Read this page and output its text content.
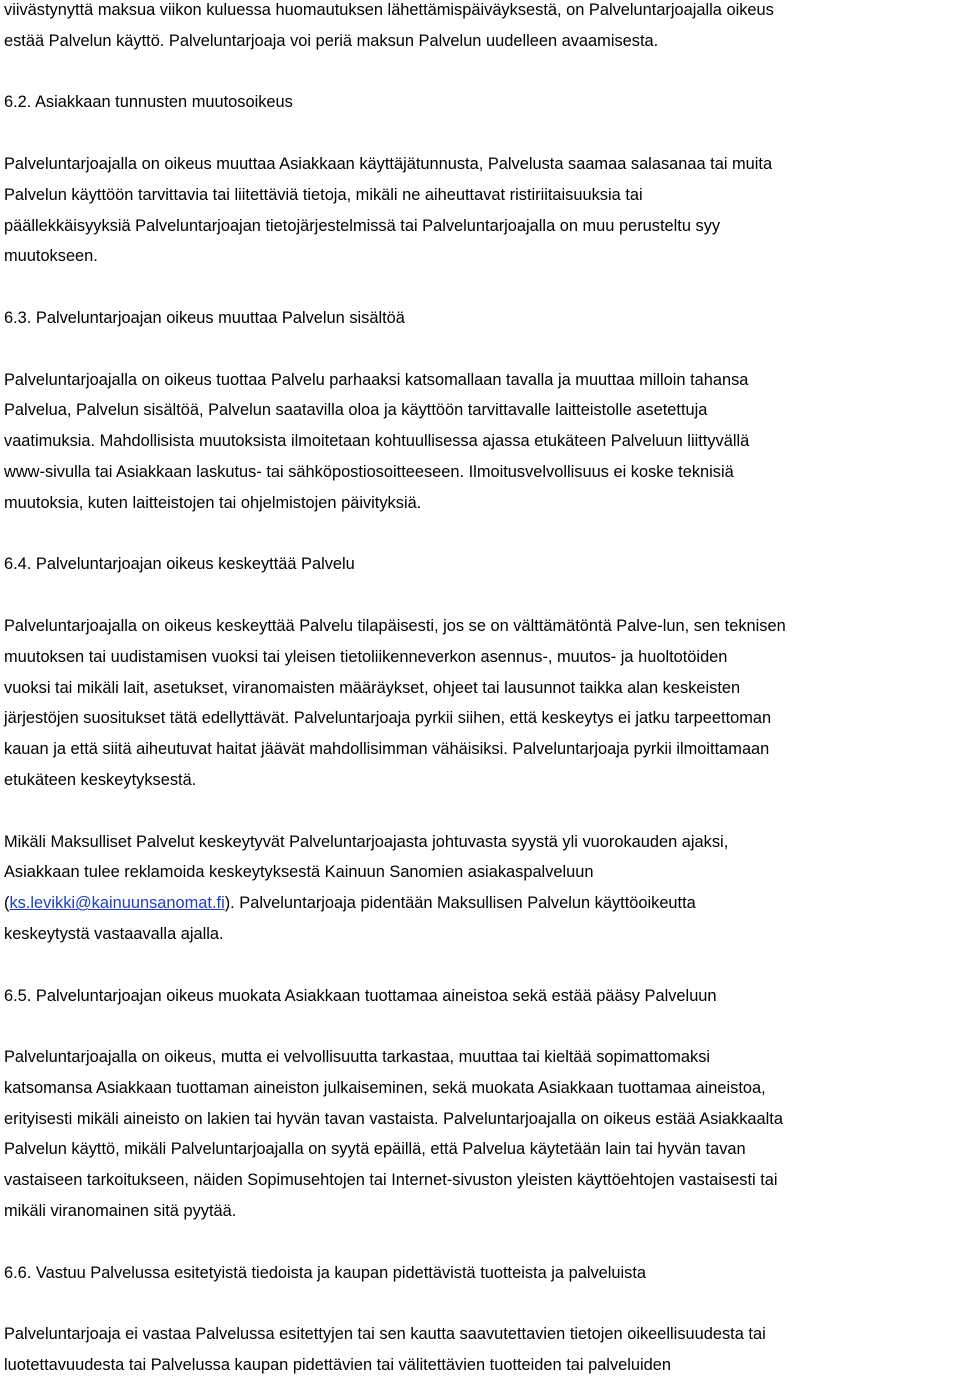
viivästynyttä maksua viikon kuluessa huomautuksen lähettämispäiväyksestä, on Palveluntarjoajalla oikeus
estää Palvelun käyttö. Palveluntarjoaja voi periä maksun Palvelun uudelleen avaamisesta.
6.2. Asiakkaan tunnusten muutosoikeus
Palveluntarjoajalla on oikeus muuttaa Asiakkaan käyttäjätunnusta, Palvelusta saamaa salasanaa tai muita
Palvelun käyttöön tarvittavia tai liitettäviä tietoja, mikäli ne aiheuttavat ristiriitaisuuksia tai
päällekkäisyyksiä Palveluntarjoajan tietojärjestelmissä tai Palveluntarjoajalla on muu perusteltu syy
muutokseen.
6.3. Palveluntarjoajan oikeus muuttaa Palvelun sisältöä
Palveluntarjoajalla on oikeus tuottaa Palvelu parhaaksi katsomallaan tavalla ja muuttaa milloin tahansa
Palvelua, Palvelun sisältöä, Palvelun saatavilla oloa ja käyttöön tarvittavalle laitteistolle asetettuja
vaatimuksia. Mahdollisista muutoksista ilmoitetaan kohtuullisessa ajassa etukäteen Palveluun liittyvällä
www-sivulla tai Asiakkaan laskutus- tai sähköpostiosoitteeseen. Ilmoitusvelvollisuus ei koske teknisiä
muutoksia, kuten laitteistojen tai ohjelmistojen päivityksiä.
6.4. Palveluntarjoajan oikeus keskeyttää Palvelu
Palveluntarjoajalla on oikeus keskeyttää Palvelu tilapäisesti, jos se on välttämätöntä Palve-lun, sen teknisen
muutoksen tai uudistamisen vuoksi tai yleisen tietoliikenneverkon asennus-, muutos- ja huoltotöiden
vuoksi tai mikäli lait, asetukset, viranomaisten määräykset, ohjeet tai lausunnot taikka alan keskeisten
järjestöjen suositukset tätä edellyttävät. Palveluntarjoaja pyrkii siihen, että keskeytys ei jatku tarpeettoman
kauan ja että siitä aiheutuvat haitat jäävät mahdollisimman vähäisiksi. Palveluntarjoaja pyrkii ilmoittamaan
etukäteen keskeytyksestä.
Mikäli Maksulliset Palvelut keskeytyvät Palveluntarjoajasta johtuvasta syystä yli vuorokauden ajaksi,
Asiakkaan tulee reklamoida keskeytyksestä Kainuun Sanomien asiakaspalveluun
(ks.levikki@kainuunsanomat.fi). Palveluntarjoaja pidentään Maksullisen Palvelun käyttöoikeutta
keskeytystä vastaavalla ajalla.
6.5. Palveluntarjoajan oikeus muokata Asiakkaan tuottamaa aineistoa sekä estää pääsy Palveluun
Palveluntarjoajalla on oikeus, mutta ei velvollisuutta tarkastaa, muuttaa tai kieltää sopimattomaksi
katsomansa Asiakkaan tuottaman aineiston julkaiseminen, sekä muokata Asiakkaan tuottamaa aineistoa,
erityisesti mikäli aineisto on lakien tai hyvän tavan vastaista. Palveluntarjoajalla on oikeus estää Asiakkaalta
Palvelun käyttö, mikäli Palveluntarjoajalla on syytä epäillä, että Palvelua käytetään lain tai hyvän tavan
vastaiseen tarkoitukseen, näiden Sopimusehtojen tai Internet-sivuston yleisten käyttöehtojen vastaisesti tai
mikäli viranomainen sitä pyytää.
6.6. Vastuu Palvelussa esitetyistä tiedoista ja kaupan pidettävistä tuotteista ja palveluista
Palveluntarjoaja ei vastaa Palvelussa esitettyjen tai sen kautta saavutettavien tietojen oikeellisuudesta tai
luotettavuudesta tai Palvelussa kaupan pidettävien tai välitettävien tuotteiden tai palveluiden
